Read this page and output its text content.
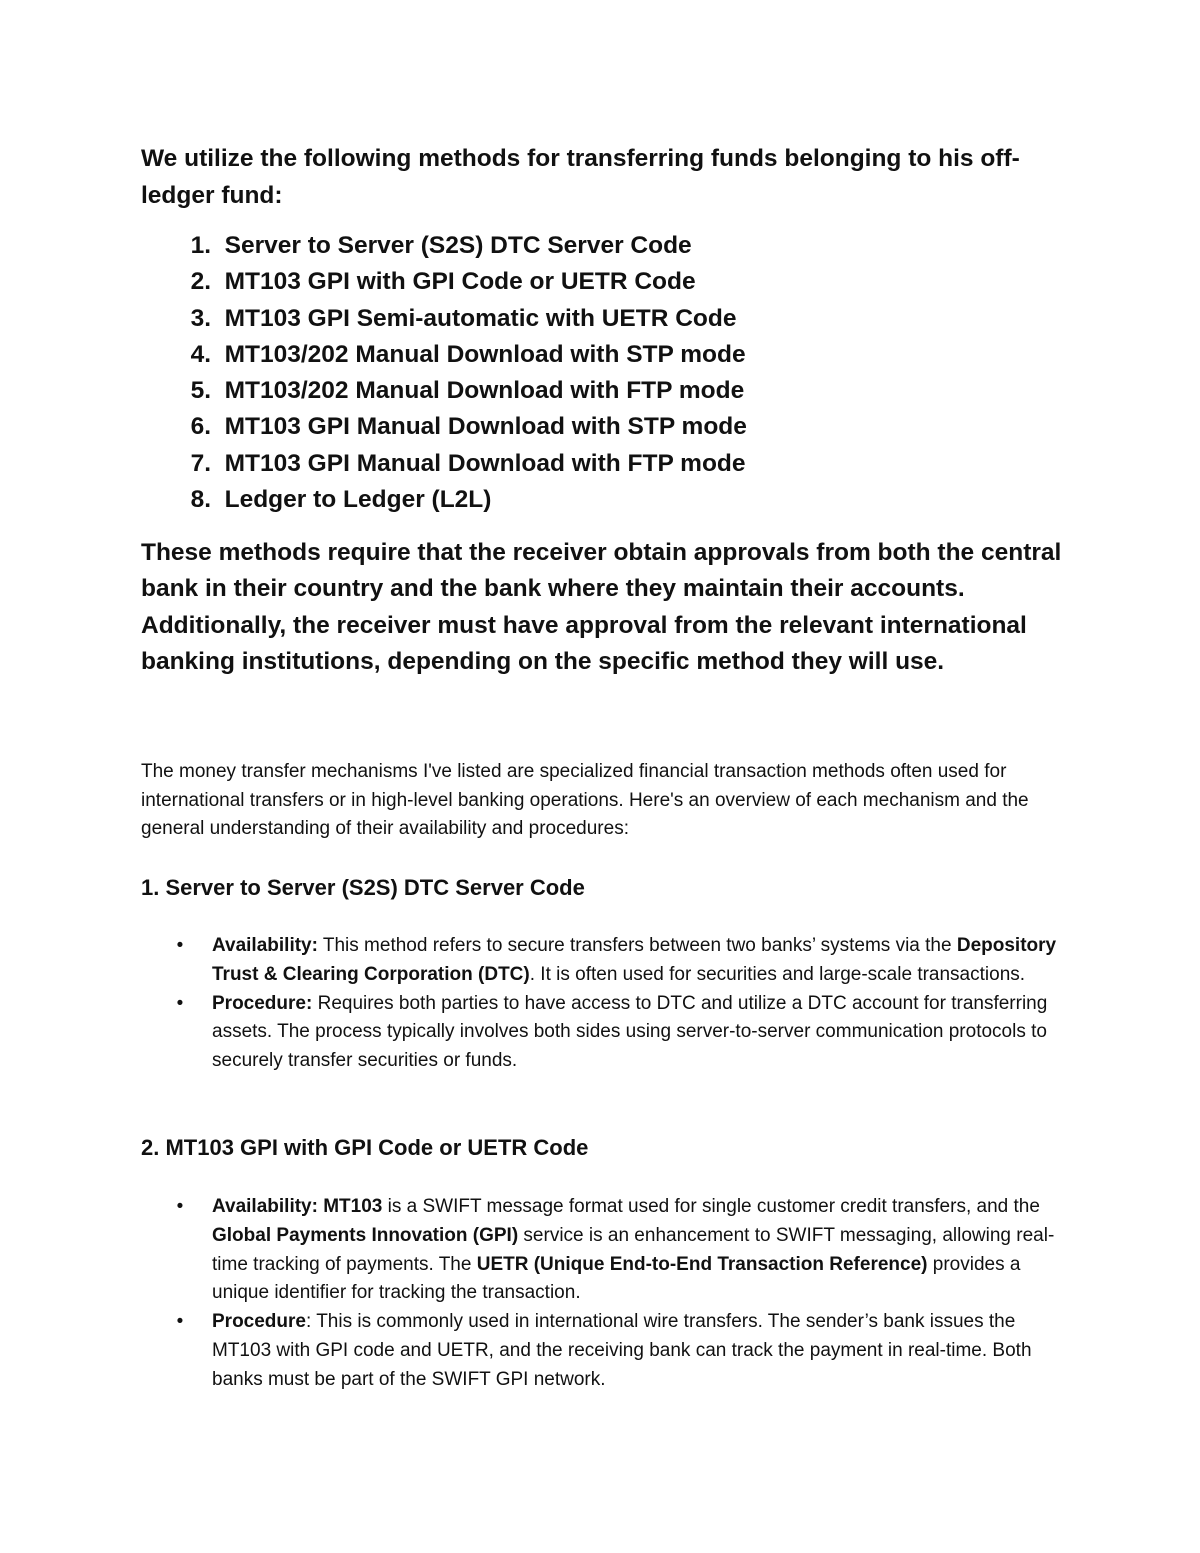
We utilize the following methods for transferring funds belonging to his off-ledger fund:

1. Server to Server (S2S) DTC Server Code
2. MT103 GPI with GPI Code or UETR Code
3. MT103 GPI Semi-automatic with UETR Code
4. MT103/202 Manual Download with STP mode
5. MT103/202 Manual Download with FTP mode
6. MT103 GPI Manual Download with STP mode
7. MT103 GPI Manual Download with FTP mode
8. Ledger to Ledger (L2L)

These methods require that the receiver obtain approvals from both the central bank in their country and the bank where they maintain their accounts. Additionally, the receiver must have approval from the relevant international banking institutions, depending on the specific method they will use.

The money transfer mechanisms I've listed are specialized financial transaction methods often used for international transfers or in high-level banking operations. Here's an overview of each mechanism and the general understanding of their availability and procedures:

1. Server to Server (S2S) DTC Server Code
• Availability: This method refers to secure transfers between two banks’ systems via the Depository Trust & Clearing Corporation (DTC). It is often used for securities and large-scale transactions.
• Procedure: Requires both parties to have access to DTC and utilize a DTC account for transferring assets. The process typically involves both sides using server-to-server communication protocols to securely transfer securities or funds.
2. MT103 GPI with GPI Code or UETR Code
• Availability: MT103 is a SWIFT message format used for single customer credit transfers, and the Global Payments Innovation (GPI) service is an enhancement to SWIFT messaging, allowing real-time tracking of payments. The UETR (Unique End-to-End Transaction Reference) provides a unique identifier for tracking the transaction.
• Procedure: This is commonly used in international wire transfers. The sender’s bank issues the MT103 with GPI code and UETR, and the receiving bank can track the payment in real-time. Both banks must be part of the SWIFT GPI network.
